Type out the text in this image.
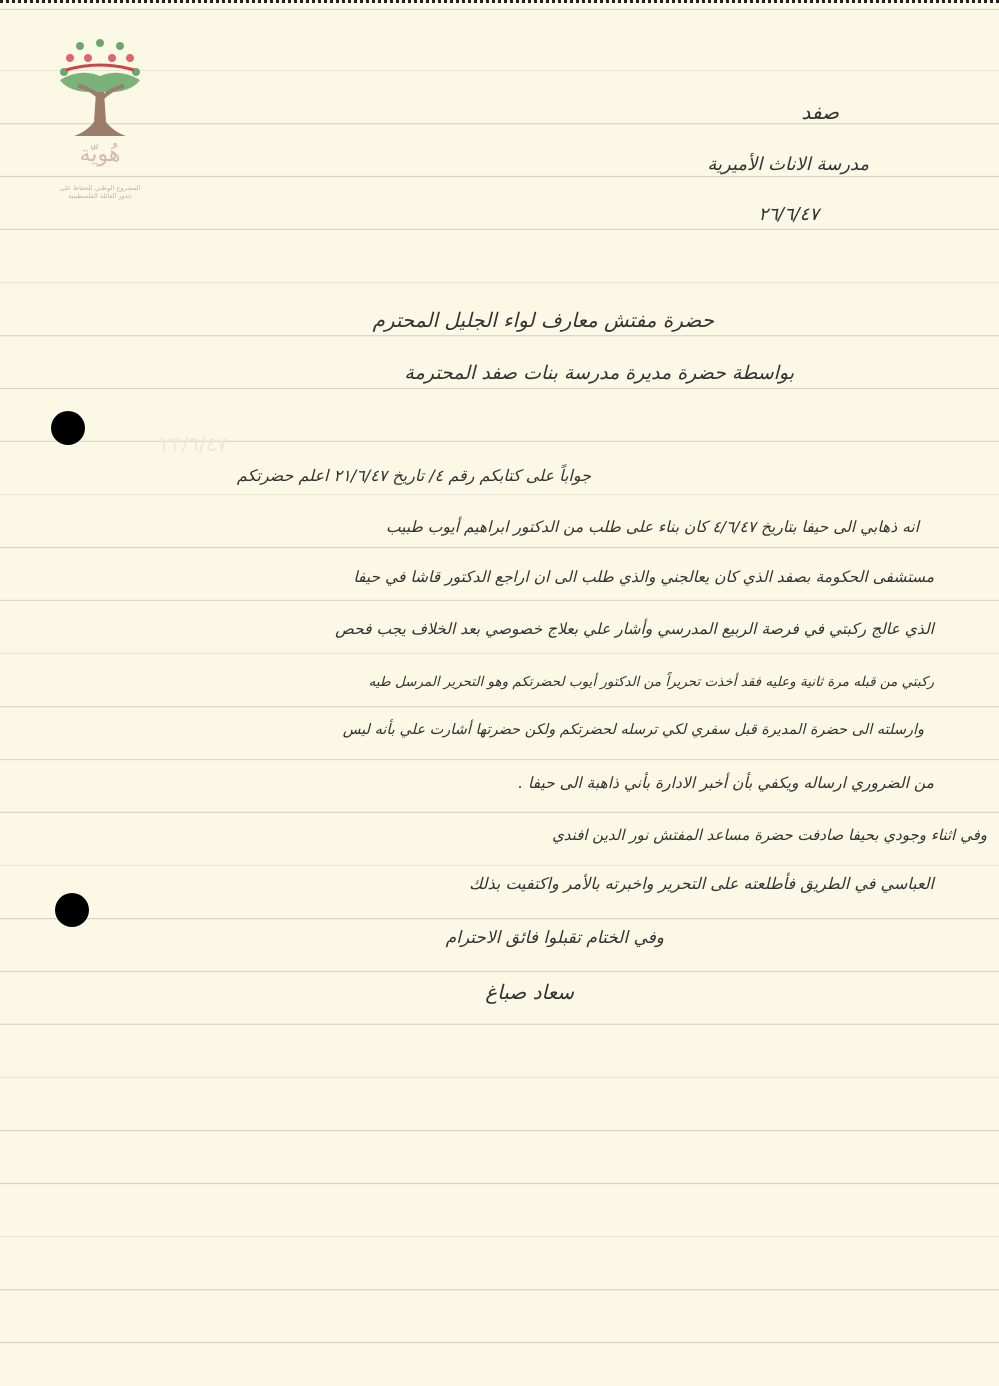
هُويّة
المشروع الوطني للحفاظ على
جذور العائلة الفلسطينية
٢٣/٦/٤٧
صفد
مدرسة الاناث الأميرية
٢٦/٦/٤٧
حضرة مفتش معارف لواء الجليل المحترم
بواسطة حضرة مديرة مدرسة بنات صفد المحترمة
جواباً على كتابكم رقم ٤/ تاريخ ٢١/٦/٤٧ اعلم حضرتكم
انه ذهابي الى حيفا بتاريخ ٤/٦/٤٧ كان بناء على طلب من الدكتور ابراهيم أيوب طبيب
مستشفى الحكومة بصفد الذي كان يعالجني والذي طلب الى ان اراجع الدكتور قاشا في حيفا
الذي عالج ركبتي في فرصة الربيع المدرسي وأشار علي بعلاج خصوصي بعد الخلاف يجب فحص
ركبتي من قبله مرة ثانية وعليه فقد أخذت تحريراً من الدكتور أيوب لحضرتكم وهو التحرير المرسل طيه
وارسلته الى حضرة المديرة قبل سفري لكي ترسله لحضرتكم ولكن حضرتها أشارت علي بأنه ليس
من الضروري ارساله ويكفي بأن أخبر الادارة بأني ذاهبة الى حيفا .
وفي اثناء وجودي بحيفا صادفت حضرة مساعد المفتش نور الدين افندي
العباسي في الطريق فأطلعته على التحرير واخبرته بالأمر واكتفيت بذلك
وفي الختام تقبلوا فائق الاحترام
سعاد صباغ
